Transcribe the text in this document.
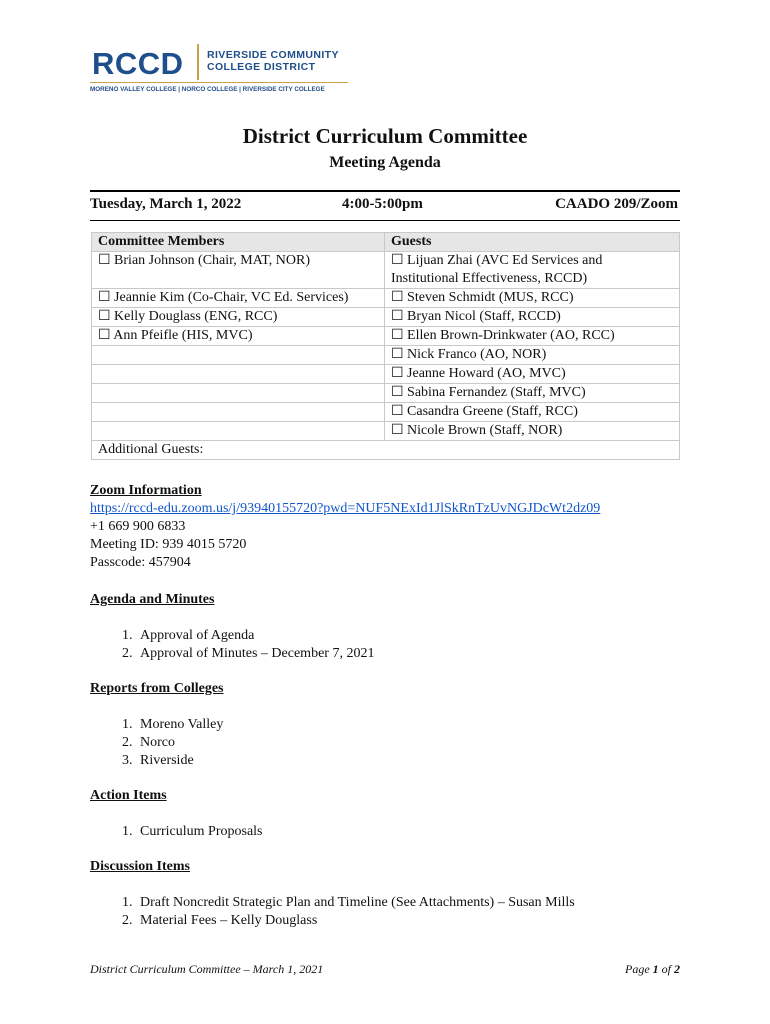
RCCD RIVERSIDE COMMUNITY
COLLEGE DISTRICT
MORENO VALLEY COLLEGE | NORCO COLLEGE | RIVERSIDE CITY COLLEGE
District Curriculum Committee
Meeting Agenda
Tuesday, March 1, 2022	4:00-5:00pm	CAADO 209/Zoom
Committee Members	Guests
☐ Brian Johnson (Chair, MAT, NOR)	☐ Lijuan Zhai (AVC Ed Services and Institutional Effectiveness, RCCD)
☐ Jeannie Kim (Co-Chair, VC Ed. Services)	☐ Steven Schmidt (MUS, RCC)
☐ Kelly Douglass (ENG, RCC)	☐ Bryan Nicol (Staff, RCCD)
☐ Ann Pfeifle (HIS, MVC)	☐ Ellen Brown-Drinkwater (AO, RCC)
	☐ Nick Franco (AO, NOR)
	☐ Jeanne Howard (AO, MVC)
	☐ Sabina Fernandez (Staff, MVC)
	☐ Casandra Greene (Staff, RCC)
	☐ Nicole Brown (Staff, NOR)
Additional Guests:	
Zoom Information
https://rccd-edu.zoom.us/j/93940155720?pwd=NUF5NExId1JlSkRnTzUvNGJDcWt2dz09
+1 669 900 6833
Meeting ID: 939 4015 5720
Passcode: 457904
Agenda and Minutes
1. Approval of Agenda
2. Approval of Minutes – December 7, 2021
Reports from Colleges
1. Moreno Valley
2. Norco
3. Riverside
Action Items
1. Curriculum Proposals
Discussion Items
1. Draft Noncredit Strategic Plan and Timeline (See Attachments) – Susan Mills
2. Material Fees – Kelly Douglass
District Curriculum Committee – March 1, 2021	Page 1 of 2
